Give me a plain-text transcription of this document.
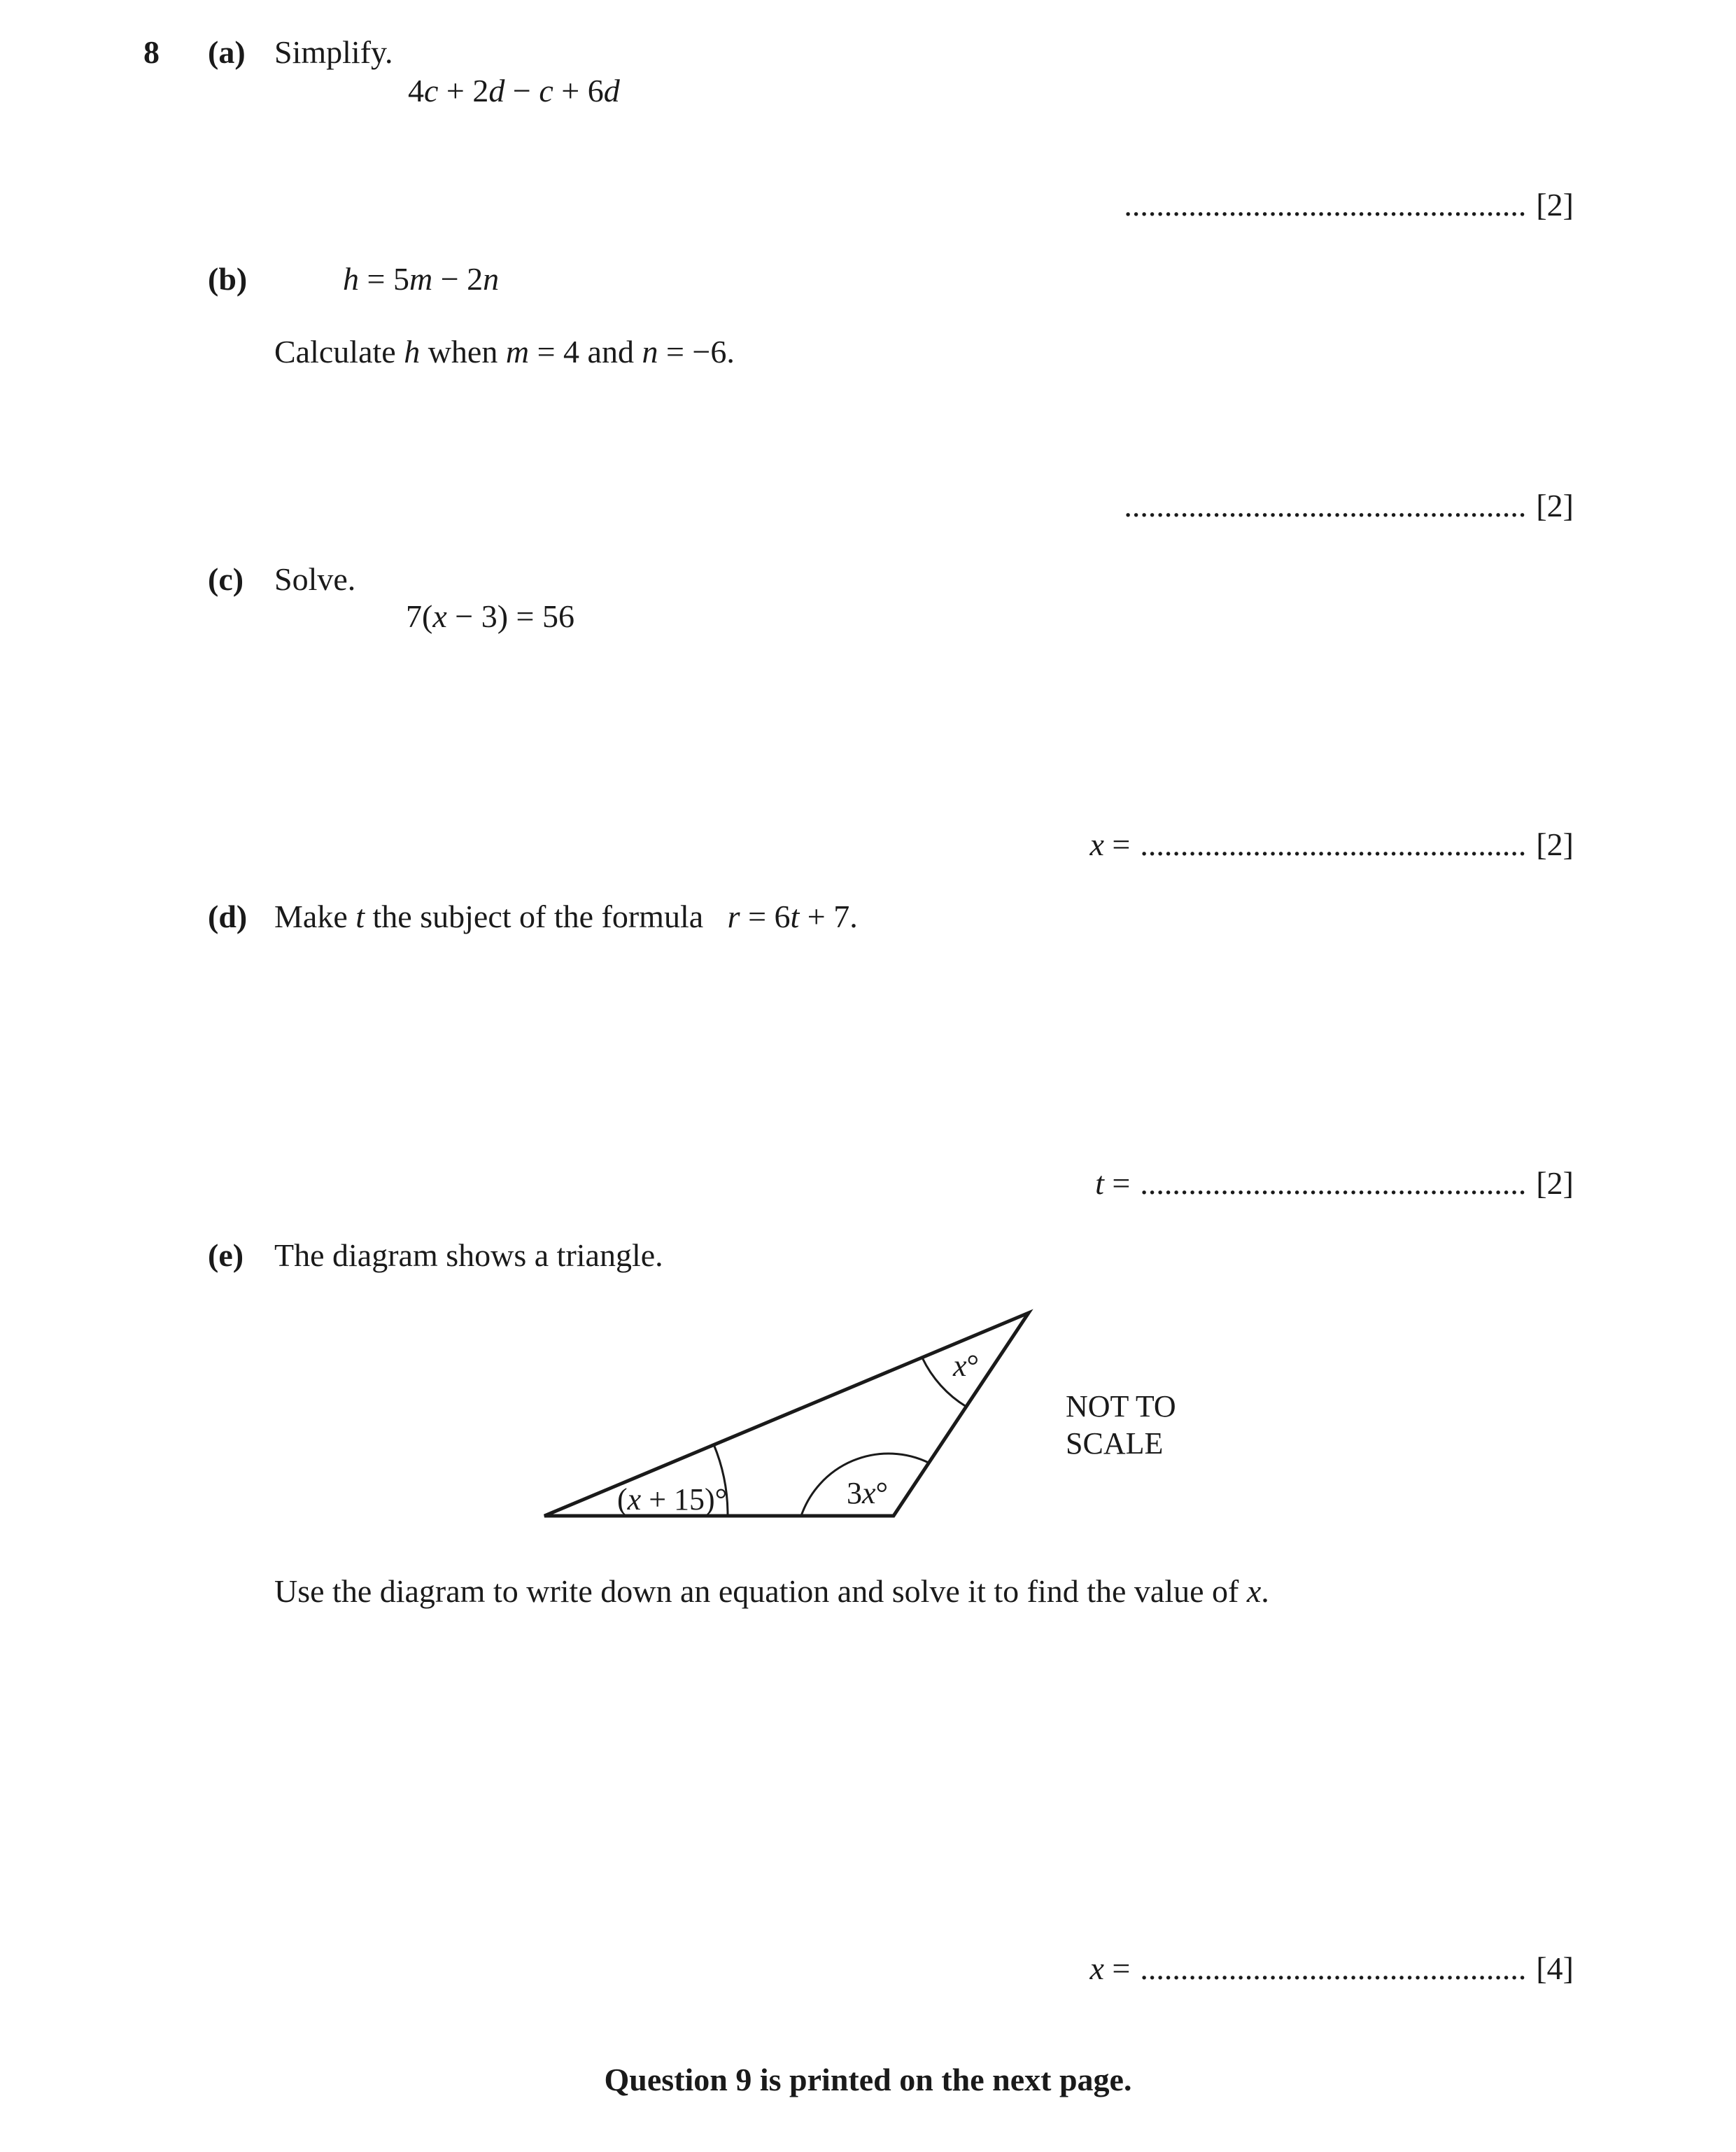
8 (a) Simplify.
4c + 2d − c + 6d
.................................................. [2]
(b)	h = 5m − 2n
Calculate h when m = 4 and n = −6.
.................................................. [2]
(c) Solve.
7(x − 3) = 56
x = ................................................ [2]
(d) Make t the subject of the formula   r = 6t + 7.
t = ................................................ [2]
(e) The diagram shows a triangle.
x°
(x + 15)°	3x°
NOT TO
SCALE
Use the diagram to write down an equation and solve it to find the value of x.
x = ................................................ [4]
Question 9 is printed on the next page.
